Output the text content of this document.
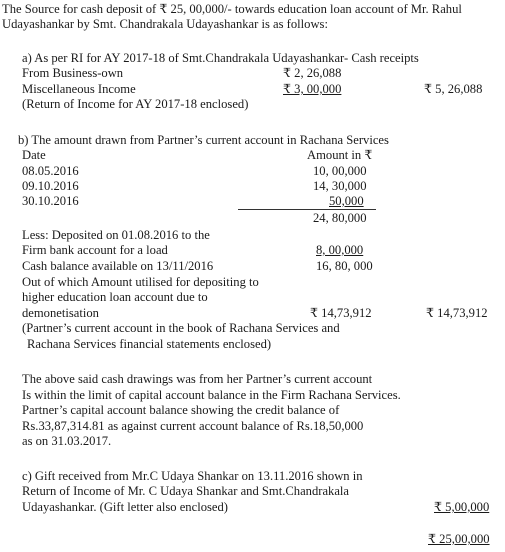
The Source for cash deposit of ₹ 25, 00,000/- towards education loan account of Mr. Rahul
Udayashankar by Smt. Chandrakala Udayashankar is as follows:
a) As per RI for AY 2017-18 of Smt.Chandrakala Udayashankar- Cash receipts
From Business-own	₹ 2, 26,088
Miscellaneous Income	₹ 3, 00,000	₹ 5, 26,088
(Return of Income for AY 2017-18 enclosed)
b) The amount drawn from Partner’s current account in Rachana Services
Date	Amount in ₹
08.05.2016	10, 00,000
09.10.2016	14, 30,000
30.10.2016	50,000
24, 80,000
Less: Deposited on 01.08.2016 to the
Firm bank account for a load	8, 00,000
Cash balance available on 13/11/2016	16, 80, 000
Out of which Amount utilised for depositing to
higher education loan account due to
demonetisation	₹ 14,73,912	₹ 14,73,912
(Partner’s current account in the book of Rachana Services and
Rachana Services financial statements enclosed)
The above said cash drawings was from her Partner’s current account
Is within the limit of capital account balance in the Firm Rachana Services.
Partner’s capital account balance showing the credit balance of
Rs.33,87,314.81 as against current account balance of Rs.18,50,000
as on 31.03.2017.
c) Gift received from Mr.C Udaya Shankar on 13.11.2016 shown in
Return of Income of Mr. C Udaya Shankar and Smt.Chandrakala
Udayashankar. (Gift letter also enclosed)	₹ 5,00,000
₹ 25,00,000
